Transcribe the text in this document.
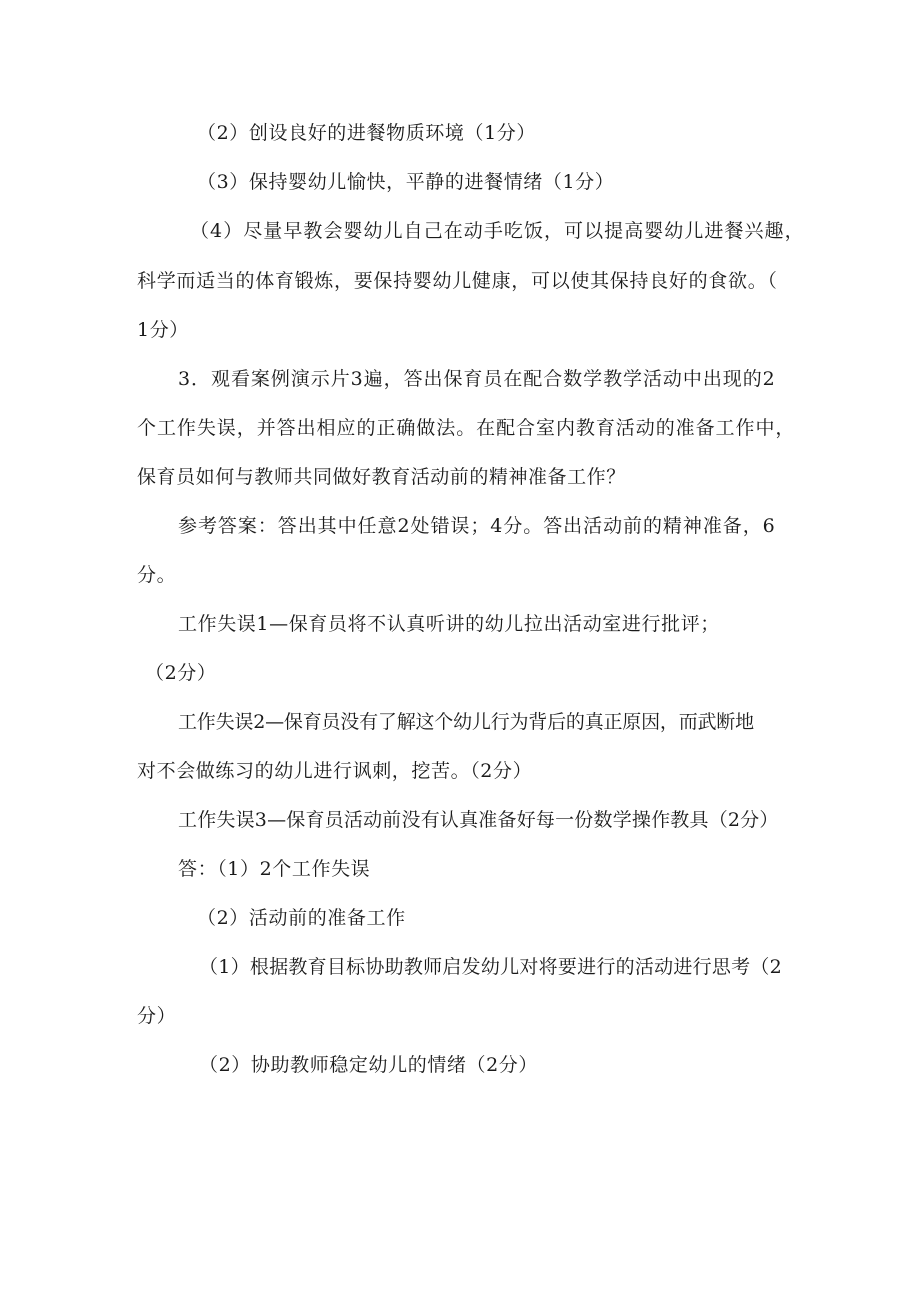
（2）创设良好的进餐物质环境（1分）
（3）保持婴幼儿愉快，平静的进餐情绪（1分）
（4）尽量早教会婴幼儿自己在动手吃饭，可以提高婴幼儿进餐兴趣，
科学而适当的体育锻炼，要保持婴幼儿健康，可以使其保持良好的食欲。（
1分）
3．观看案例演示片3遍，答出保育员在配合数学教学活动中出现的2
个工作失误，并答出相应的正确做法。在配合室内教育活动的准备工作中，
保育员如何与教师共同做好教育活动前的精神准备工作？
参考答案：答出其中任意2处错误；4分。答出活动前的精神准备，6
分。
工作失误1—保育员将不认真听讲的幼儿拉出活动室进行批评；
（2分）
工作失误2—保育员没有了解这个幼儿行为背后的真正原因，而武断地
对不会做练习的幼儿进行讽刺，挖苦。（2分）
工作失误3—保育员活动前没有认真准备好每一份数学操作教具（2分）
答：（1）2个工作失误
（2）活动前的准备工作
（1）根据教育目标协助教师启发幼儿对将要进行的活动进行思考（2
分）
（2）协助教师稳定幼儿的情绪（2分）
